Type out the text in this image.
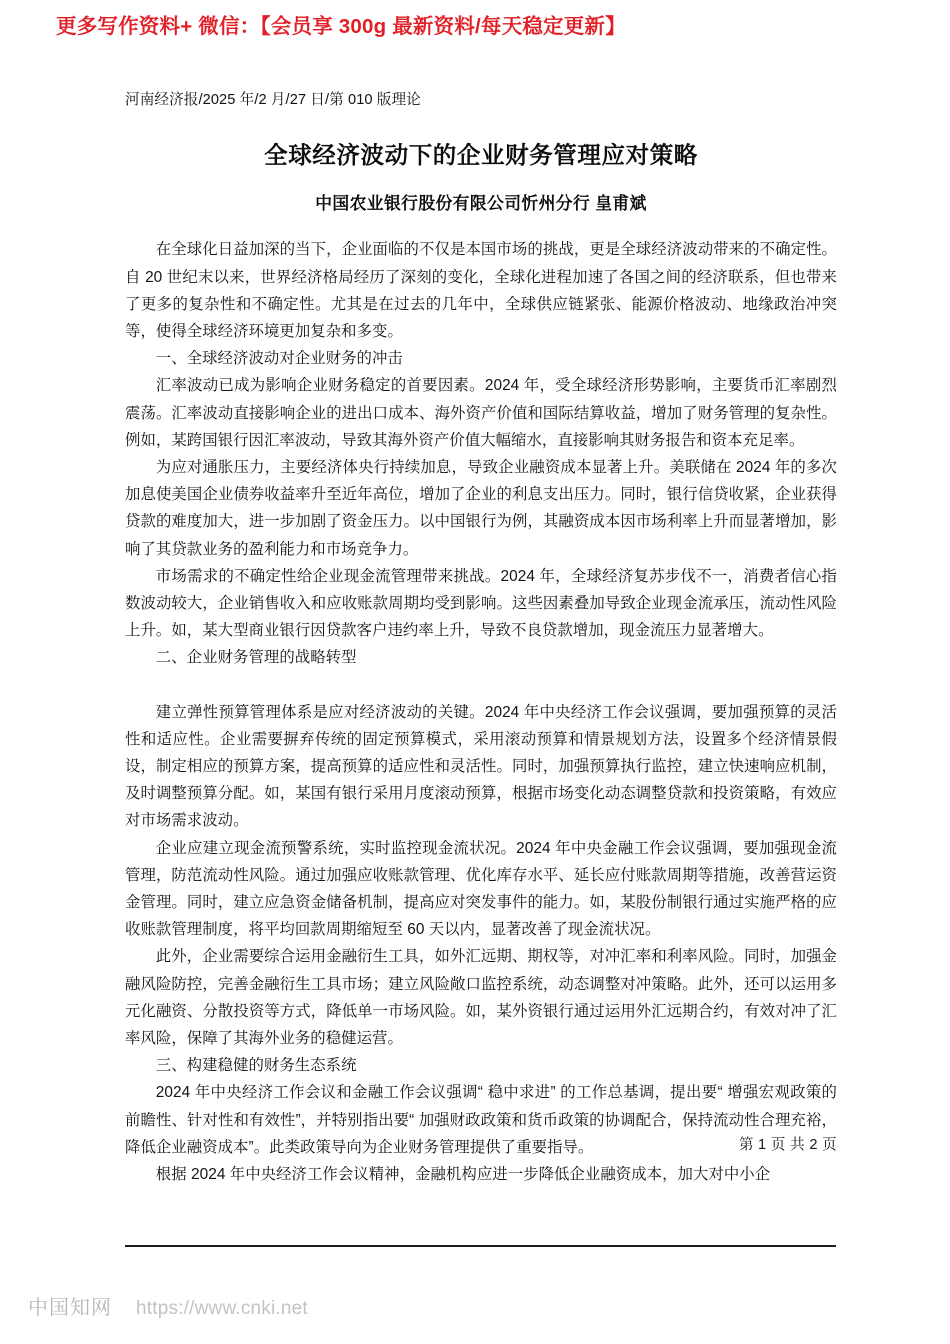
更多写作资料+ 微信：【会员享 300g 最新资料/每天稳定更新】
河南经济报/2025 年/2 月/27 日/第 010 版理论
全球经济波动下的企业财务管理应对策略
中国农业银行股份有限公司忻州分行 皇甫斌

在全球化日益加深的当下，企业面临的不仅是本国市场的挑战，更是全球经济波动带来的不确定性。自 20 世纪末以来，世界经济格局经历了深刻的变化，全球化进程加速了各国之间的经济联系，但也带来了更多的复杂性和不确定性。尤其是在过去的几年中，全球供应链紧张、能源价格波动、地缘政治冲突等，使得全球经济环境更加复杂和多变。

一、全球经济波动对企业财务的冲击

汇率波动已成为影响企业财务稳定的首要因素。2024 年，受全球经济形势影响，主要货币汇率剧烈震荡。汇率波动直接影响企业的进出口成本、海外资产价值和国际结算收益，增加了财务管理的复杂性。例如，某跨国银行因汇率波动，导致其海外资产价值大幅缩水，直接影响其财务报告和资本充足率。

为应对通胀压力，主要经济体央行持续加息，导致企业融资成本显著上升。美联储在 2024 年的多次加息使美国企业债券收益率升至近年高位，增加了企业的利息支出压力。同时，银行信贷收紧，企业获得贷款的难度加大，进一步加剧了资金压力。以中国银行为例，其融资成本因市场利率上升而显著增加，影响了其贷款业务的盈利能力和市场竞争力。

市场需求的不确定性给企业现金流管理带来挑战。2024 年，全球经济复苏步伐不一，消费者信心指数波动较大，企业销售收入和应收账款周期均受到影响。这些因素叠加导致企业现金流承压，流动性风险上升。如，某大型商业银行因贷款客户违约率上升，导致不良贷款增加，现金流压力显著增大。

二、企业财务管理的战略转型

建立弹性预算管理体系是应对经济波动的关键。2024 年中央经济工作会议强调，要加强预算的灵活性和适应性。企业需要摒弃传统的固定预算模式，采用滚动预算和情景规划方法，设置多个经济情景假设，制定相应的预算方案，提高预算的适应性和灵活性。同时，加强预算执行监控，建立快速响应机制，及时调整预算分配。如，某国有银行采用月度滚动预算，根据市场变化动态调整贷款和投资策略，有效应对市场需求波动。

企业应建立现金流预警系统，实时监控现金流状况。2024 年中央金融工作会议强调，要加强现金流管理，防范流动性风险。通过加强应收账款管理、优化库存水平、延长应付账款周期等措施，改善营运资金管理。同时，建立应急资金储备机制，提高应对突发事件的能力。如，某股份制银行通过实施严格的应收账款管理制度，将平均回款周期缩短至 60 天以内，显著改善了现金流状况。

此外，企业需要综合运用金融衍生工具，如外汇远期、期权等，对冲汇率和利率风险。同时，加强金融风险防控，完善金融衍生工具市场；建立风险敞口监控系统，动态调整对冲策略。此外，还可以运用多元化融资、分散投资等方式，降低单一市场风险。如，某外资银行通过运用外汇远期合约，有效对冲了汇率风险，保障了其海外业务的稳健运营。

三、构建稳健的财务生态系统

2024 年中央经济工作会议和金融工作会议强调“ 稳中求进” 的工作总基调，提出要“ 增强宏观政策的前瞻性、针对性和有效性”，并特别指出要“ 加强财政政策和货币政策的协调配合，保持流动性合理充裕，降低企业融资成本”。此类政策导向为企业财务管理提供了重要指导。

根据 2024 年中央经济工作会议精神，金融机构应进一步降低企业融资成本，加大对中小企

第 1 页 共 2 页
中国知网 https://www.cnki.net
